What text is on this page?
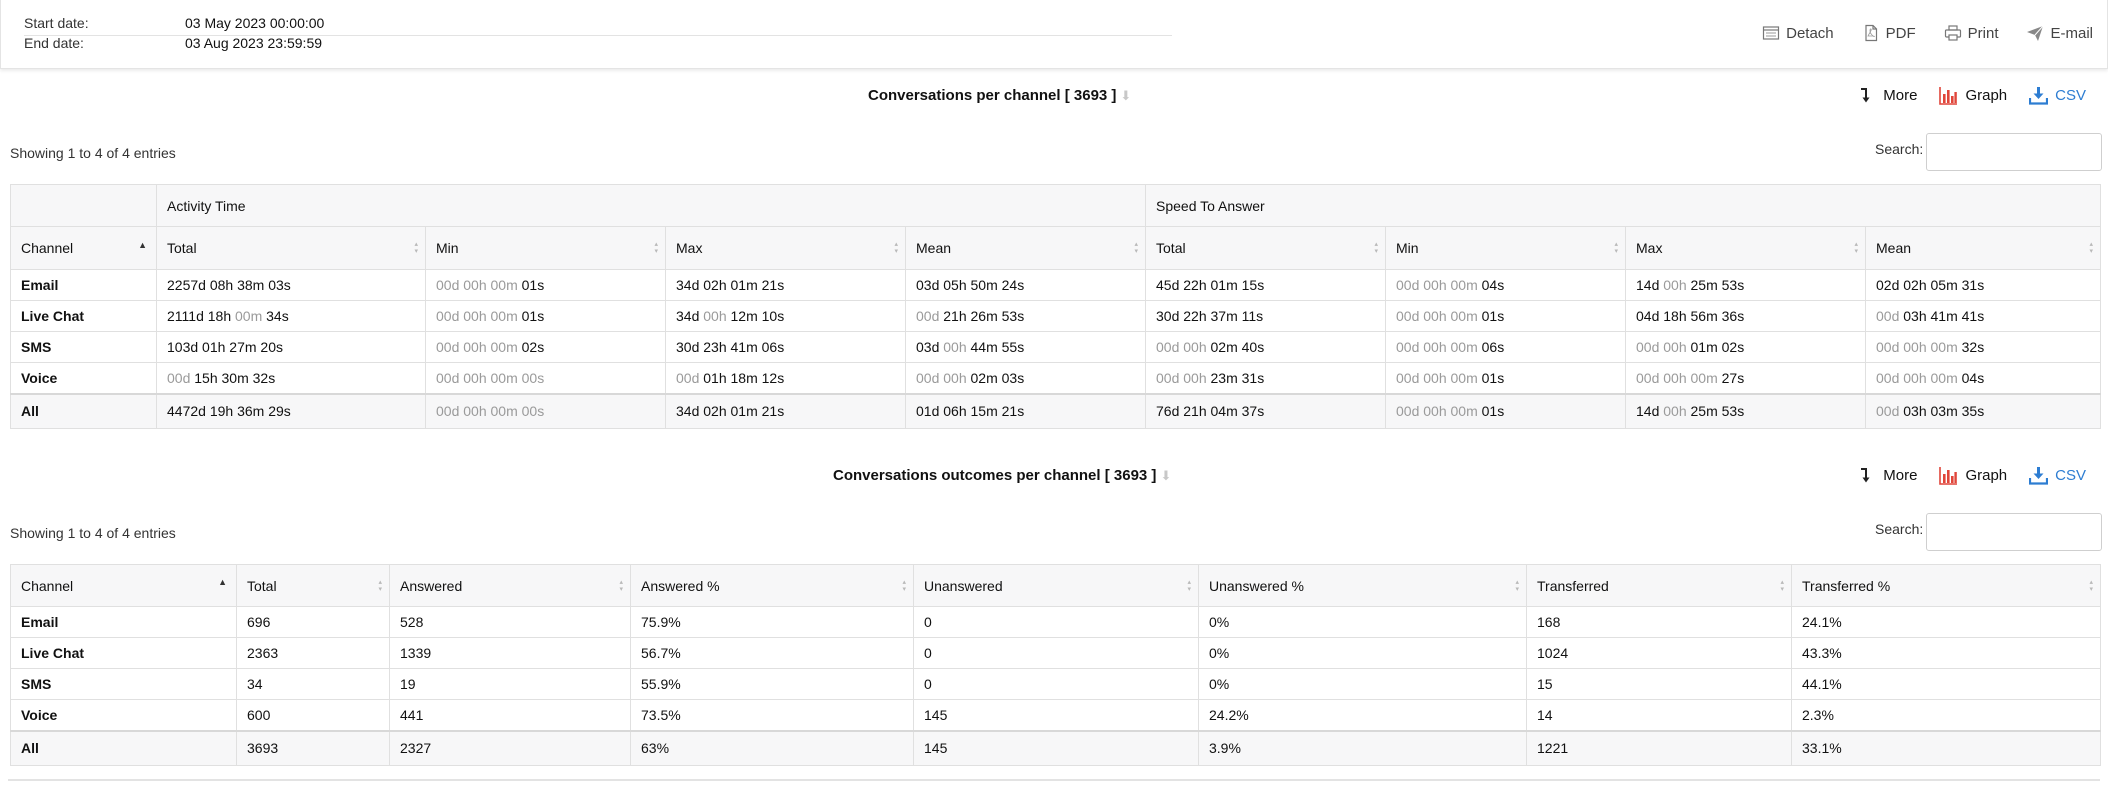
Start date:	03 May 2023 00:00:00
End date:	03 Aug 2023 23:59:59
Detach	PDF	Print	E-mail
Conversations per channel [ 3693 ] ⬇	More	Graph	CSV
Showing 1 to 4 of 4 entries	Search:
	Activity Time				Speed To Answer			
Channel ▲	Total ▴ ▾	Min ▴ ▾	Max ▴ ▾	Mean ▴ ▾	Total ▴ ▾	Min ▴ ▾	Max ▴ ▾	Mean ▴ ▾
Email	2257d 08h 38m 03s	00d 00h 00m 01s	34d 02h 01m 21s	03d 05h 50m 24s	45d 22h 01m 15s	00d 00h 00m 04s	14d 00h 25m 53s	02d 02h 05m 31s
Live Chat	2111d 18h 00m 34s	00d 00h 00m 01s	34d 00h 12m 10s	00d 21h 26m 53s	30d 22h 37m 11s	00d 00h 00m 01s	04d 18h 56m 36s	00d 03h 41m 41s
SMS	103d 01h 27m 20s	00d 00h 00m 02s	30d 23h 41m 06s	03d 00h 44m 55s	00d 00h 02m 40s	00d 00h 00m 06s	00d 00h 01m 02s	00d 00h 00m 32s
Voice	00d 15h 30m 32s	00d 00h 00m 00s	00d 01h 18m 12s	00d 00h 02m 03s	00d 00h 23m 31s	00d 00h 00m 01s	00d 00h 00m 27s	00d 00h 00m 04s
All	4472d 19h 36m 29s	00d 00h 00m 00s	34d 02h 01m 21s	01d 06h 15m 21s	76d 21h 04m 37s	00d 00h 00m 01s	14d 00h 25m 53s	00d 03h 03m 35s
Conversations outcomes per channel [ 3693 ] ⬇	More	Graph	CSV
Showing 1 to 4 of 4 entries	Search:
Channel ▲	Total ▴ ▾	Answered ▴ ▾	Answered % ▴ ▾	Unanswered ▴ ▾	Unanswered % ▴ ▾	Transferred ▴ ▾	Transferred % ▴ ▾
Email	696	528	75.9%	0	0%	168	24.1%
Live Chat	2363	1339	56.7%	0	0%	1024	43.3%
SMS	34	19	55.9%	0	0%	15	44.1%
Voice	600	441	73.5%	145	24.2%	14	2.3%
All	3693	2327	63%	145	3.9%	1221	33.1%
